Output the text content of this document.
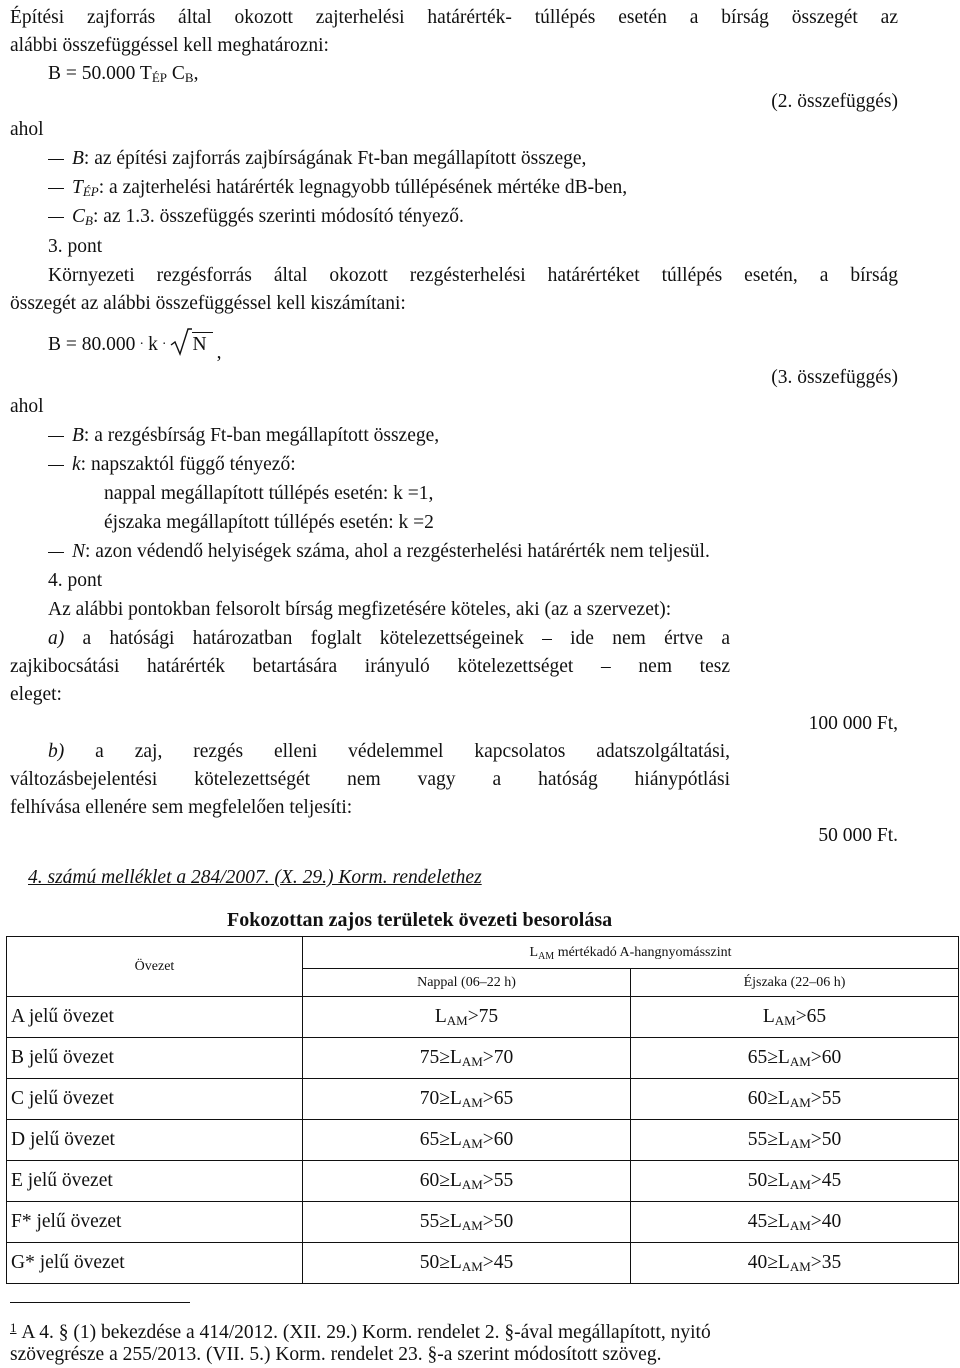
Építési zajforrás által okozott zajterhelési határérték- túllépés esetén a bírság összegét az
alábbi összefüggéssel kell meghatározni:
B = 50.000 $T_{ÉP}$ $C_B$,
(2. összefüggés)
ahol
B: az építési zajforrás zajbírságának Ft-ban megállapított összege,
$T_{ÉP}$: a zajterhelési határérték legnagyobb túllépésének mértéke dB-ben,
$C_B$: az 1.3. összefüggés szerinti módosító tényező.
3. pont
Környezeti rezgésforrás által okozott rezgésterhelési határértéket túllépés esetén, a bírság
összegét az alábbi összefüggéssel kell kiszámítani:
B = 80.000 · k · N ,
(3. összefüggés)
ahol
B: a rezgésbírság Ft-ban megállapított összege,
k: napszaktól függő tényező:
nappal megállapított túllépés esetén: k =1,
éjszaka megállapított túllépés esetén: k =2
N: azon védendő helyiségek száma, ahol a rezgésterhelési határérték nem teljesül.
4. pont
Az alábbi pontokban felsorolt bírság megfizetésére köteles, aki (az a szervezet):
a) a hatósági határozatban foglalt kötelezettségeinek – ide nem értve a
zajkibocsátási határérték betartására irányuló kötelezettséget – nem tesz
eleget:
100 000 Ft,
b) a zaj, rezgés elleni védelemmel kapcsolatos adatszolgáltatási,
változásbejelentési kötelezettségét nem vagy a hatóság hiánypótlási
felhívása ellenére sem megfelelően teljesíti:
50 000 Ft.
4. számú melléklet a 284/2007. (X. 29.) Korm. rendelethez
Fokozottan zajos területek övezeti besorolása
Övezet	$L_{AM}$ mértékadó A-hangnyomásszint	
	Nappal (06–22 h)	Éjszaka (22–06 h)
A jelű övezet	$L_{AM}>75$	$L_{AM}>65$
B jelű övezet	$75\ge L_{AM}>70$	$65\ge L_{AM}>60$
C jelű övezet	$70\ge L_{AM}>65$	$60\ge L_{AM}>55$
D jelű övezet	$65\ge L_{AM}>60$	$55\ge L_{AM}>50$
E jelű övezet	$60\ge L_{AM}>55$	$50\ge L_{AM}>45$
F* jelű övezet	$55\ge L_{AM}>50$	$45\ge L_{AM}>40$
G* jelű övezet	$50\ge L_{AM}>45$	$40\ge L_{AM}>35$
$^1$ A 4. § (1) bekezdése a 414/2012. (XII. 29.) Korm. rendelet 2. §-ával megállapított, nyitó
szövegrésze a 255/2013. (VII. 5.) Korm. rendelet 23. §-a szerint módosított szöveg.
